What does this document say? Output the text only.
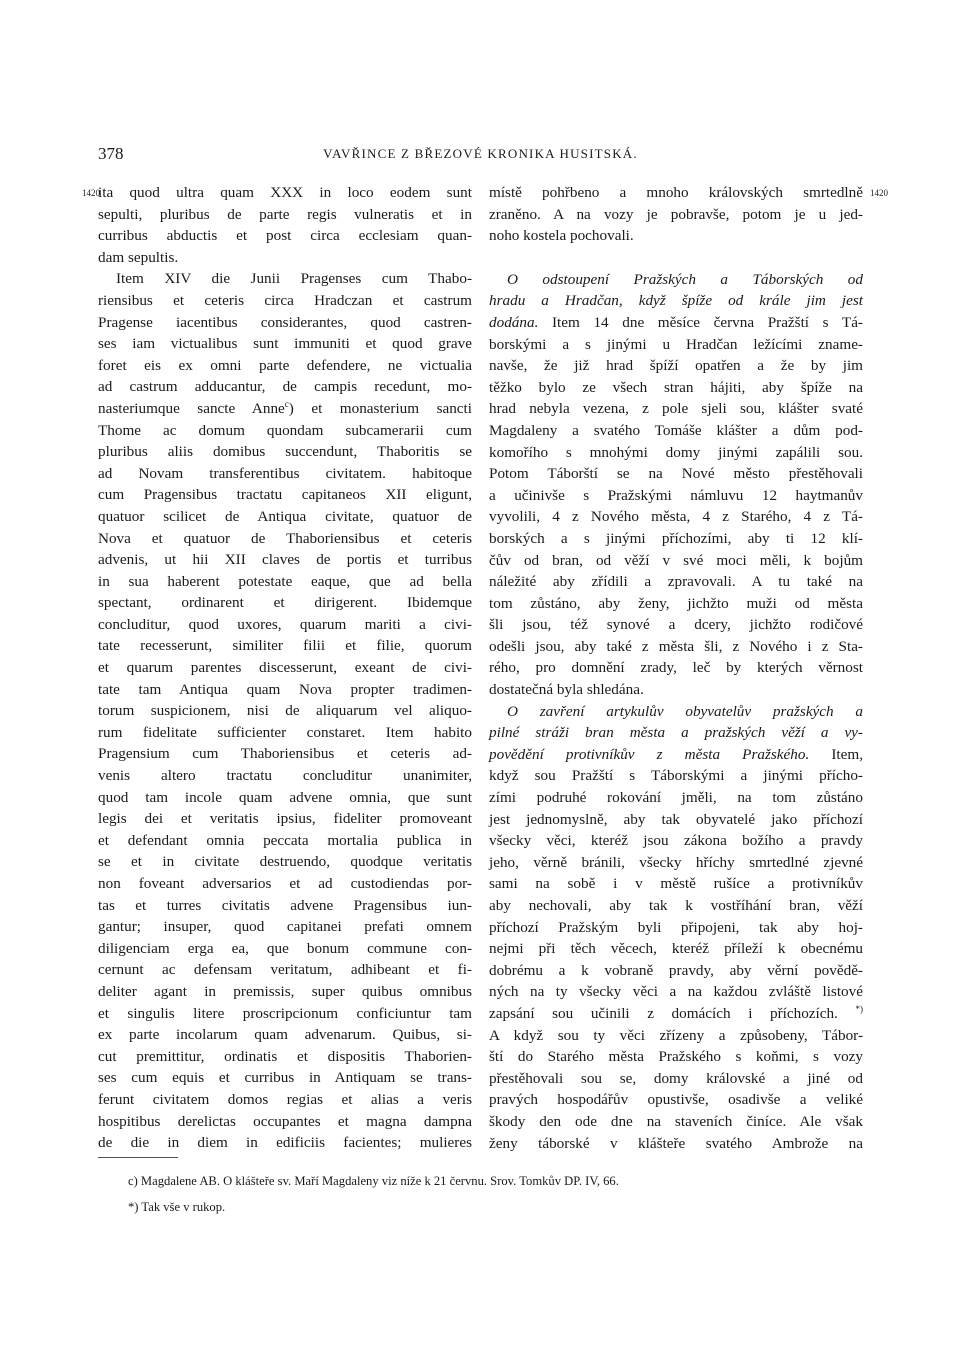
378	VAVŘINCE Z BŘEZOVÉ KRONIKA HUSITSKÁ.
1420	1420
ita quod ultra quam XXX in loco eodem sunt
sepulti, pluribus de parte regis vulneratis et in
curribus abductis et post circa ecclesiam quan-
dam sepultis.
Item XIV die Junii Pragenses cum Thabo-
riensibus et ceteris circa Hradczan et castrum
Pragense iacentibus considerantes, quod castren-
ses iam victualibus sunt immuniti et quod grave
foret eis ex omni parte defendere, ne victualia
ad castrum adducantur, de campis recedunt, mo-
nasteriumque sancte Anne$^c$) et monasterium sancti
Thome ac domum quondam subcamerarii cum
pluribus aliis domibus succendunt, Thaboritis se
ad Novam transferentibus civitatem. habitoque
cum Pragensibus tractatu capitaneos XII eligunt,
quatuor scilicet de Antiqua civitate, quatuor de
Nova et quatuor de Thaboriensibus et ceteris
advenis, ut hii XII claves de portis et turribus
in sua haberent potestate eaque, que ad bella
spectant, ordinarent et dirigerent. Ibidemque
concluditur, quod uxores, quarum mariti a civi-
tate recesserunt, similiter filii et filie, quorum
et quarum parentes discesserunt, exeant de civi-
tate tam Antiqua quam Nova propter tradimen-
torum suspicionem, nisi de aliquarum vel aliquo-
rum fidelitate sufficienter constaret. Item habito
Pragensium cum Thaboriensibus et ceteris ad-
venis altero tractatu concluditur unanimiter,
quod tam incole quam advene omnia, que sunt
legis dei et veritatis ipsius, fideliter promoveant
et defendant omnia peccata mortalia publica in
se et in civitate destruendo, quodque veritatis
non foveant adversarios et ad custodiendas por-
tas et turres civitatis advene Pragensibus iun-
gantur; insuper, quod capitanei prefati omnem
diligenciam erga ea, que bonum commune con-
cernunt ac defensam veritatum, adhibeant et fi-
deliter agant in premissis, super quibus omnibus
et singulis litere proscripcionum conficiuntur tam
ex parte incolarum quam advenarum. Quibus, si-
cut premittitur, ordinatis et dispositis Thaborien-
ses cum equis et curribus in Antiquam se trans-
ferunt civitatem domos regias et alias a veris
hospitibus derelictas occupantes et magna dampna
de die in diem in edificiis facientes; mulieres
místě pohřbeno a mnoho královských smrtedlně
zraněno. A na vozy je pobravše, potom je u jed-
noho kostela pochovali.
O odstoupení Pražských a Táborských od
hradu a Hradčan, když špíže od krále jim jest
dodána. Item 14 dne měsíce června Pražští s Tá-
borskými a s jinými u Hradčan ležícími zname-
navše, že již hrad špíží opatřen a že by jim
těžko bylo ze všech stran hájiti, aby špíže na
hrad nebyla vezena, z pole sjeli sou, klášter svaté
Magdaleny a svatého Tomáše klášter a dům pod-
komořího s mnohými domy jinými zapálili sou.
Potom Táborští se na Nové město přestěhovali
a učinivše s Pražskými námluvu 12 haytmanův
vyvolili, 4 z Nového města, 4 z Starého, 4 z Tá-
borských a s jinými příchozími, aby ti 12 klí-
čův od bran, od věží v své moci měli, k bojům
náležité aby zřídili a zpravovali. A tu také na
tom zůstáno, aby ženy, jichžto muži od města
šli jsou, též synové a dcery, jichžto rodičové
odešli jsou, aby také z města šli, z Nového i z Sta-
rého, pro domnění zrady, leč by kterých věrnost
dostatečná byla shledána.
O zavření artykulův obyvatelův pražských a
pilné stráži bran města a pražských věží a vy-
povědění protivníkův z města Pražského. Item,
když sou Pražští s Táborskými a jinými přícho-
zími podruhé rokování jměli, na tom zůstáno
jest jednomyslně, aby tak obyvatelé jako příchozí
všecky věci, kteréž jsou zákona božího a pravdy
jeho, věrně bránili, všecky hříchy smrtedlné zjevné
sami na sobě i v městě rušíce a protivníkův
aby nechovali, aby tak k vostříhání bran, věží
příchozí Pražským byli připojeni, tak aby hoj-
nejmi při těch věcech, kteréž příleží k obecnému
dobrému a k vobraně pravdy, aby věrní povědě-
ných na ty všecky věci a na každou zvláště listové
zapsání sou učinili z domácích i příchozích. *)
A když sou ty věci zřízeny a způsobeny, Tábor-
ští do Starého města Pražského s koňmi, s vozy
přestěhovali sou se, domy královské a jiné od
pravých hospodářův opustivše, osadivše a veliké
škody den ode dne na staveních činíce. Ale však
ženy táborské v klášteře svatého Ambrože na
c) Magdalene AB. O klášteře sv. Maří Magdaleny viz níže k 21 červnu. Srov. Tomkův DP. IV, 66.
*) Tak vše v rukop.
